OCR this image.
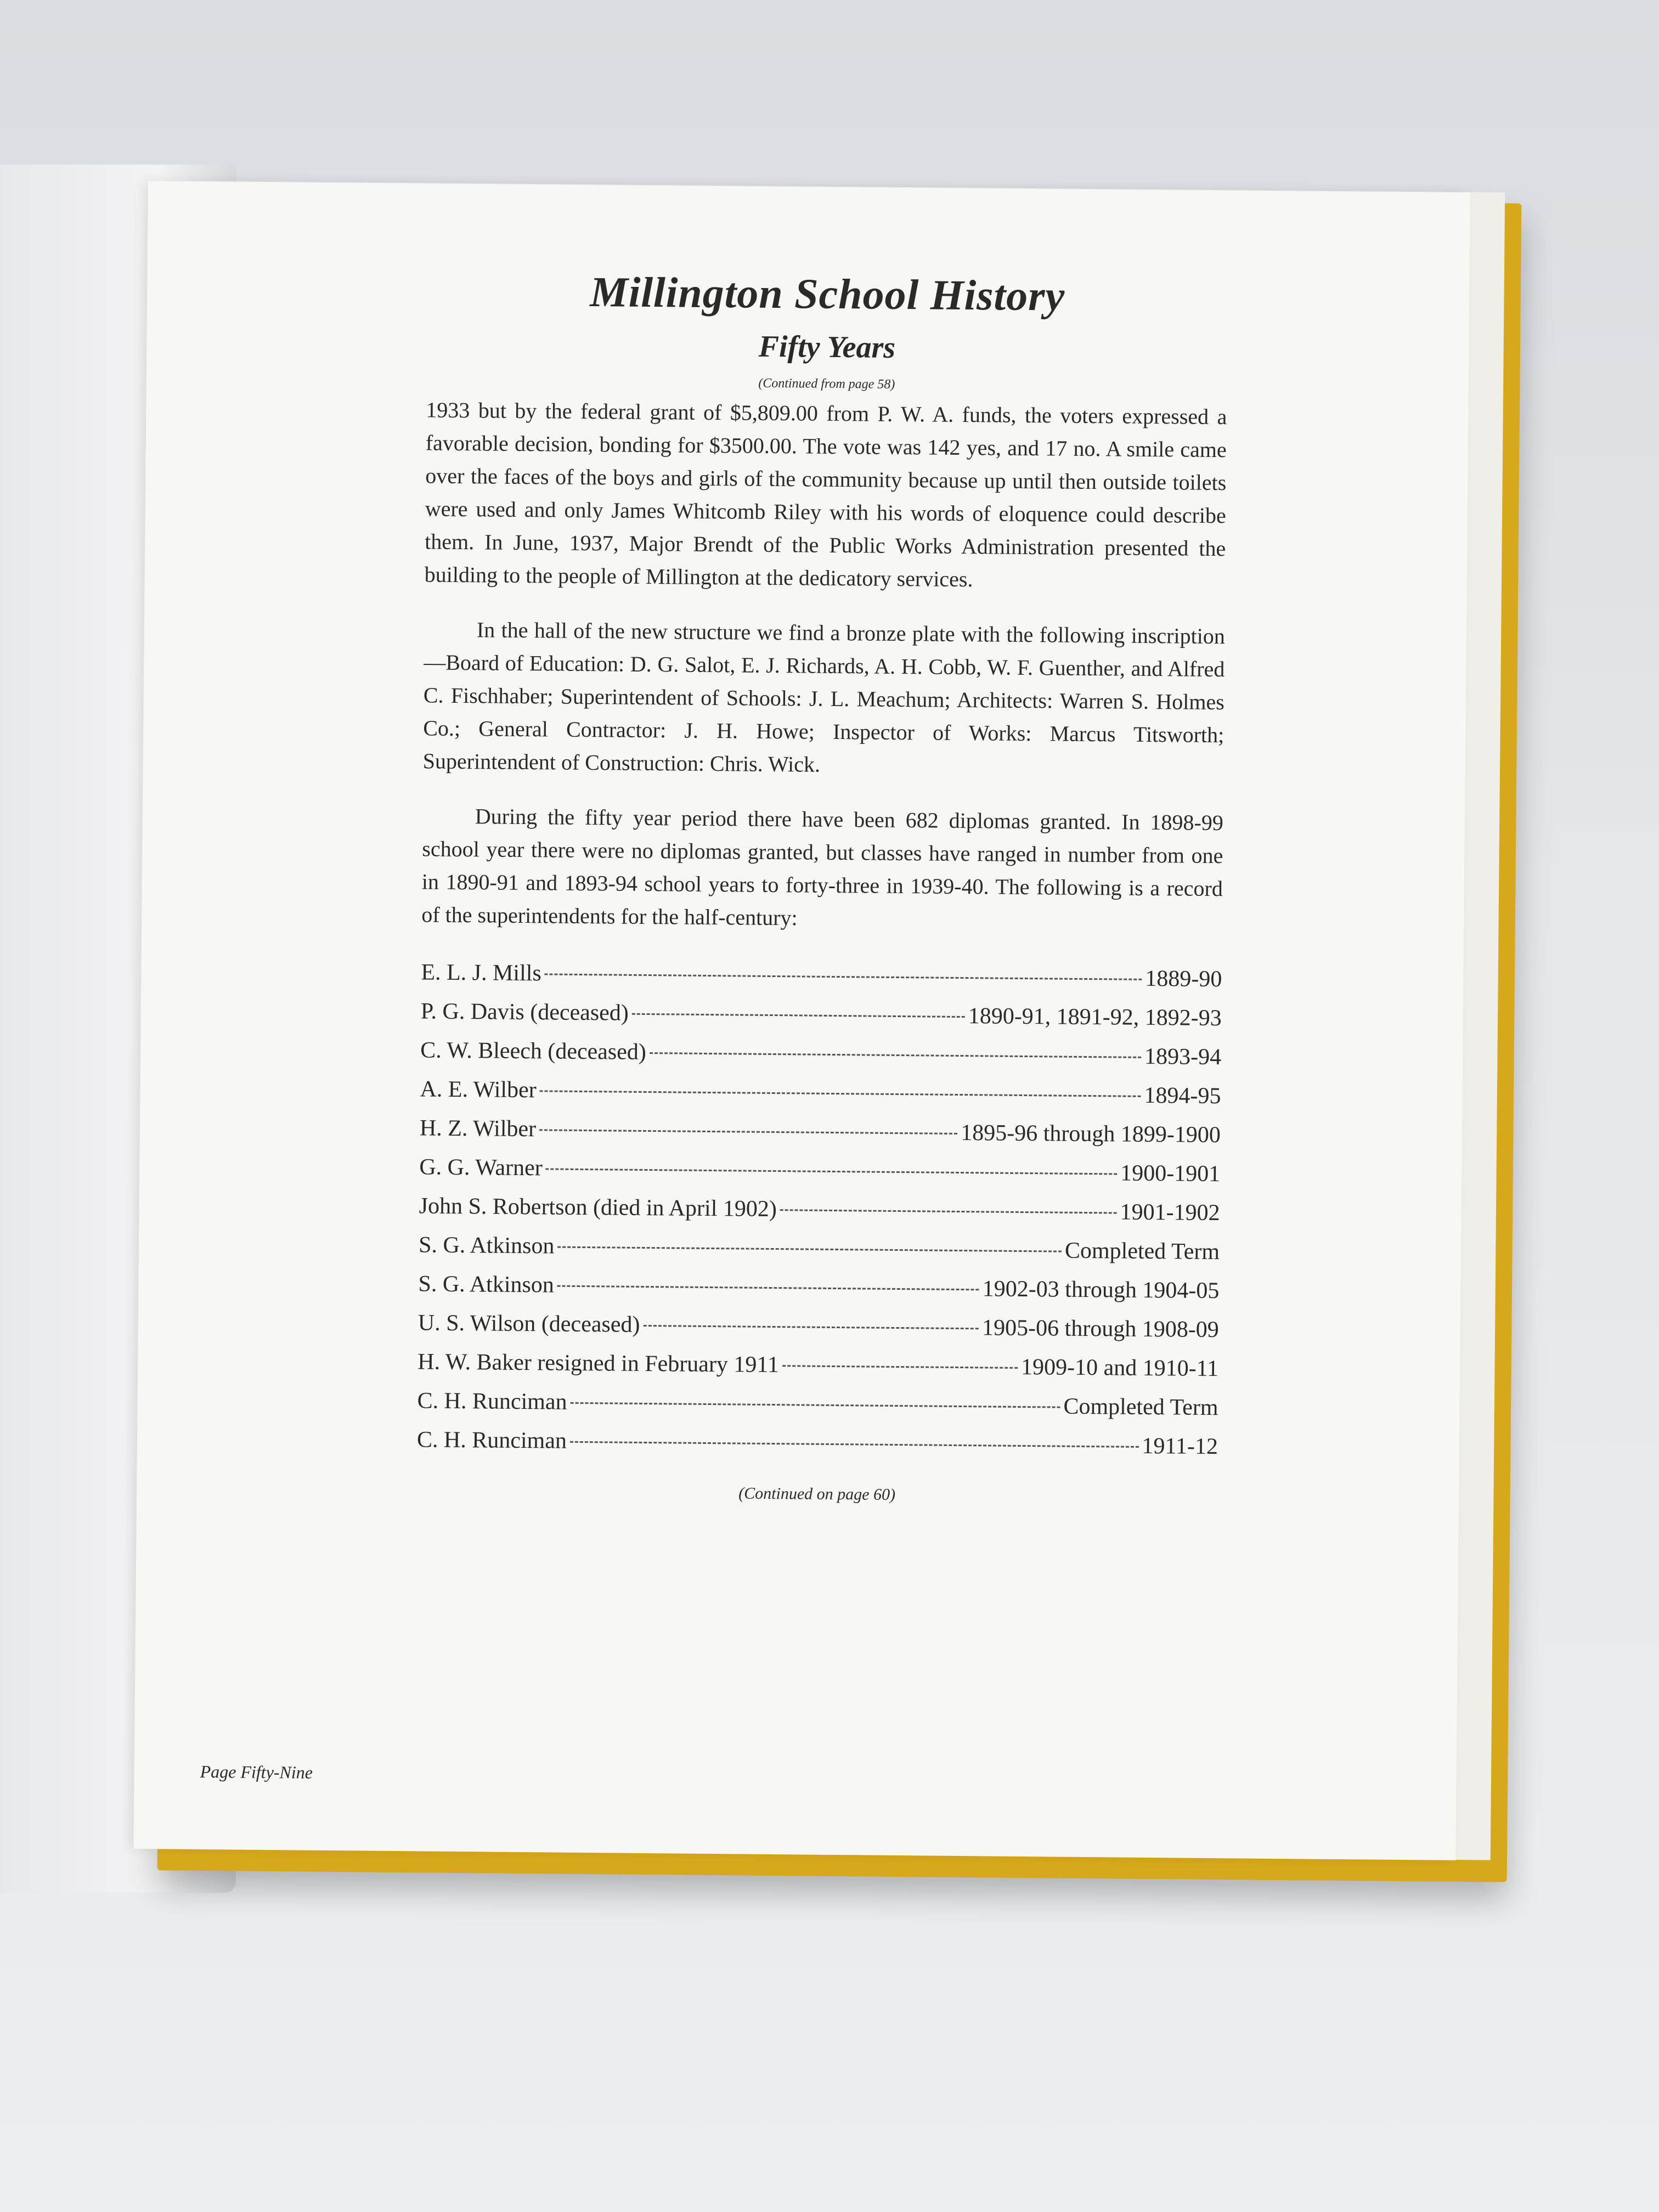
Millington School History
Fifty Years
(Continued from page 58)

1933 but by the federal grant of $5,809.00 from P. W. A. funds, the voters expressed a favorable decision, bonding for $3500.00. The vote was 142 yes, and 17 no. A smile came over the faces of the boys and girls of the community because up until then outside toilets were used and only James Whitcomb Riley with his words of eloquence could describe them. In June, 1937, Major Brendt of the Public Works Administration presented the building to the people of Millington at the dedicatory services.

In the hall of the new structure we find a bronze plate with the following inscription—Board of Education: D. G. Salot, E. J. Richards, A. H. Cobb, W. F. Guenther, and Alfred C. Fischhaber; Superintendent of Schools: J. L. Meachum; Architects: Warren S. Holmes Co.; General Contractor: J. H. Howe; Inspector of Works: Marcus Titsworth; Superintendent of Construction: Chris. Wick.

During the fifty year period there have been 682 diplomas granted. In 1898-99 school year there were no diplomas granted, but classes have ranged in number from one in 1890-91 and 1893-94 school years to forty-three in 1939-40. The following is a record of the superintendents for the half-century:

E. L. J. Mills	1889-90
P. G. Davis (deceased)	1890-91, 1891-92, 1892-93
C. W. Bleech (deceased)	1893-94
A. E. Wilber	1894-95
H. Z. Wilber	1895-96 through 1899-1900
G. G. Warner	1900-1901
John S. Robertson (died in April 1902)	1901-1902
S. G. Atkinson	Completed Term
S. G. Atkinson	1902-03 through 1904-05
U. S. Wilson (deceased)	1905-06 through 1908-09
H. W. Baker resigned in February 1911	1909-10 and 1910-11
C. H. Runciman	Completed Term
C. H. Runciman	1911-12
(Continued on page 60)
Page Fifty-Nine
